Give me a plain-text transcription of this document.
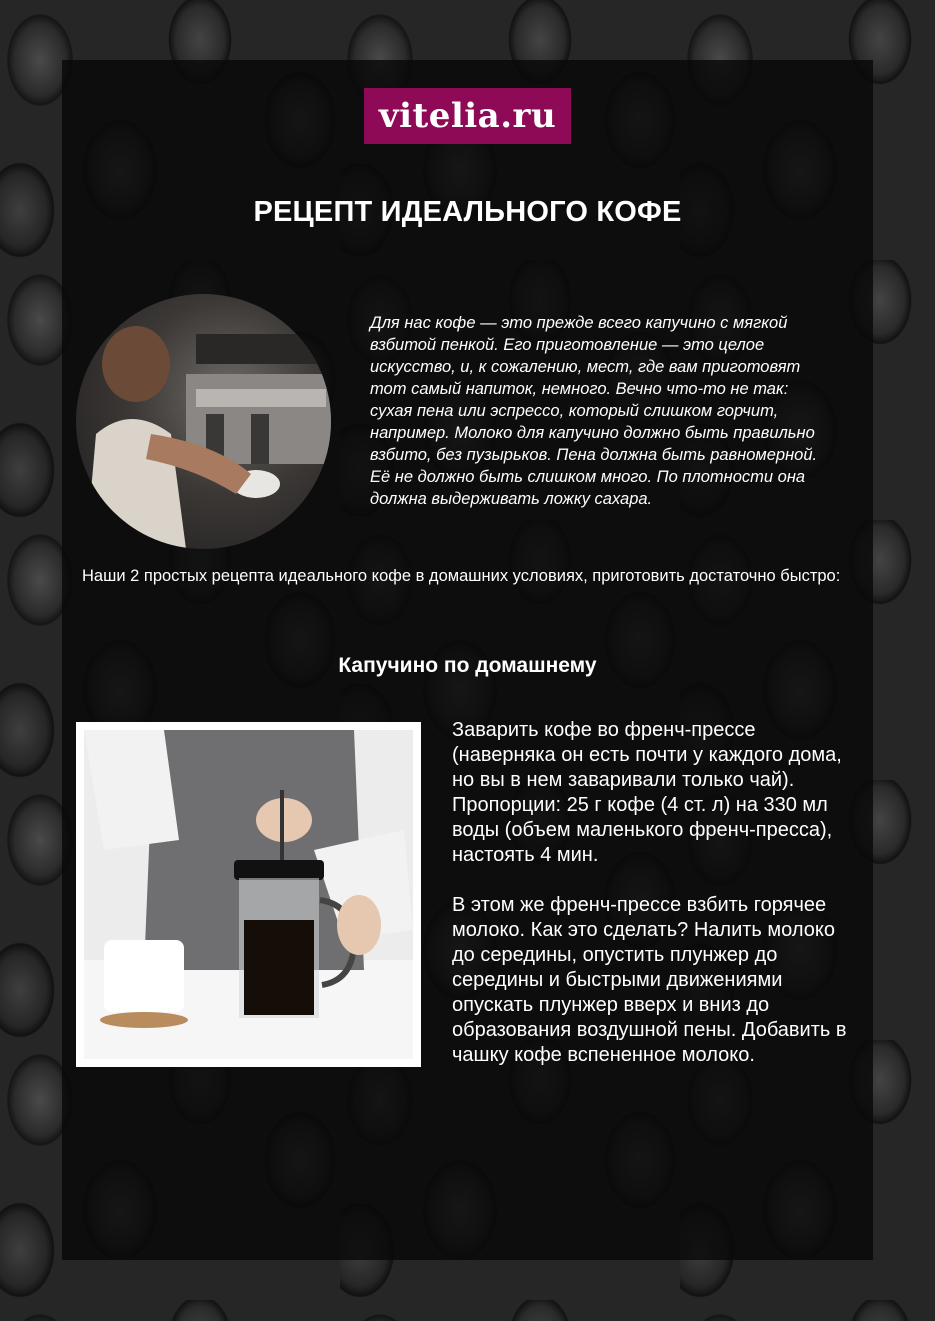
vitelia.ru
РЕЦЕПТ ИДЕАЛЬНОГО КОФЕ

Для нас кофе — это прежде всего капучино с мягкой взбитой пенкой. Его приготовление — это целое искусство, и, к сожалению, мест, где вам приготовят тот самый напиток, немного. Вечно что-то не так: сухая пена или эспрессо, который слишком горчит, например. Молоко для капучино должно быть правильно взбито, без пузырьков. Пена должна быть равномерной. Её не должно быть слишком много. По плотности она должна выдерживать ложку сахара.

Наши 2 простых рецепта идеального кофе в домашних условиях, приготовить достаточно быстро:

Капучино по домашнему

Заварить кофе во френч-прессе (наверняка он есть почти у каждого дома, но вы в нем заваривали только чай). Пропорции: 25 г кофе (4 ст. л) на 330 мл воды (объем маленького френч-пресса), настоять 4 мин.

В этом же френч-прессе взбить горячее молоко. Как это сделать? Налить молоко до середины, опустить плунжер до середины и быстрыми движениями опускать плунжер вверх и вниз до образования воздушной пены. Добавить в чашку кофе вспененное молоко.
